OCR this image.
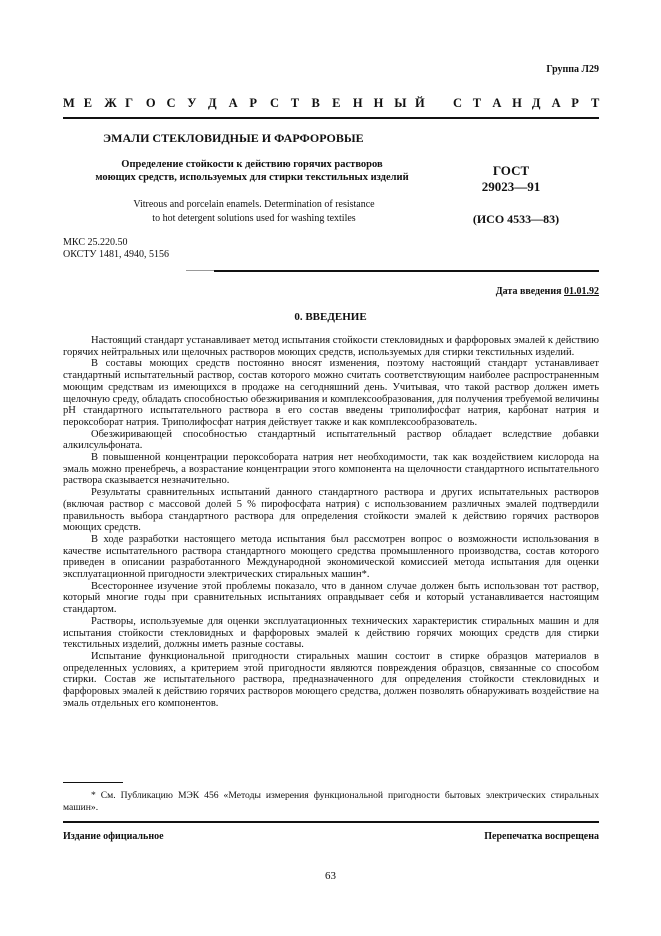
Группа Л29
М Е Ж Г О С У Д А Р С Т В Е Н Н Ы Й С Т А Н Д А Р Т
ЭМАЛИ СТЕКЛОВИДНЫЕ И ФАРФОРОВЫЕ
Определение стойкости к действию горячих растворов
моющих средств, используемых для стирки текстильных изделий
Vitreous and porcelain enamels. Determination of resistance
to hot detergent solutions used for washing textiles
ГОСТ
29023—91
(ИСО 4533—83)
МКС 25.220.50
ОКСТУ 1481, 4940, 5156
Дата введения 01.01.92
0. ВВЕДЕНИЕ

Настоящий стандарт устанавливает метод испытания стойкости стекловидных и фарфоровых эмалей к действию горячих нейтральных или щелочных растворов моющих средств, используемых для стирки текстильных изделий.

В составы моющих средств постоянно вносят изменения, поэтому настоящий стандарт устанавливает стандартный испытательный раствор, состав которого можно считать соответствующим наиболее распространенным моющим средствам из имеющихся в продаже на сегодняшний день. Учитывая, что такой раствор должен иметь щелочную среду, обладать способностью обезжиривания и комплексообразования, для получения требуемой величины рН стандартного испытательного раствора в его состав введены триполифосфат натрия, карбонат натрия и пероксоборат натрия. Триполифосфат натрия действует также и как комплексообразователь.

Обезжиривающей способностью стандартный испытательный раствор обладает вследствие добавки алкилсульфоната.

В повышенной концентрации пероксобората натрия нет необходимости, так как воздействием кислорода на эмаль можно пренебречь, а возрастание концентрации этого компонента на щелочности стандартного испытательного раствора сказывается незначительно.

Результаты сравнительных испытаний данного стандартного раствора и других испытательных растворов (включая раствор с массовой долей 5 % пирофосфата натрия) с использованием различных эмалей подтвердили правильность выбора стандартного раствора для определения стойкости эмалей к действию горячих растворов моющих средств.

В ходе разработки настоящего метода испытания был рассмотрен вопрос о возможности использования в качестве испытательного раствора стандартного моющего средства промышленного производства, состав которого приведен в описании разработанного Международной экономической комиссией метода испытания для оценки эксплуатационной пригодности электрических стиральных машин*.

Всестороннее изучение этой проблемы показало, что в данном случае должен быть использован тот раствор, который многие годы при сравнительных испытаниях оправдывает себя и который устанавливается настоящим стандартом.

Растворы, используемые для оценки эксплуатационных технических характеристик стиральных машин и для испытания стойкости стекловидных и фарфоровых эмалей к действию горячих моющих средств для стирки текстильных изделий, должны иметь разные составы.

Испытание функциональной пригодности стиральных машин состоит в стирке образцов материалов в определенных условиях, а критерием этой пригодности являются повреждения образцов, связанные со способом стирки. Состав же испытательного раствора, предназначенного для определения стойкости стекловидных и фарфоровых эмалей к действию горячих растворов моющего средства, должен позволять обнаруживать воздействие на эмаль отдельных его компонентов.

* См. Публикацию МЭК 456 «Методы измерения функциональной пригодности бытовых электрических стиральных машин».
Издание официальное	Перепечатка воспрещена
63
